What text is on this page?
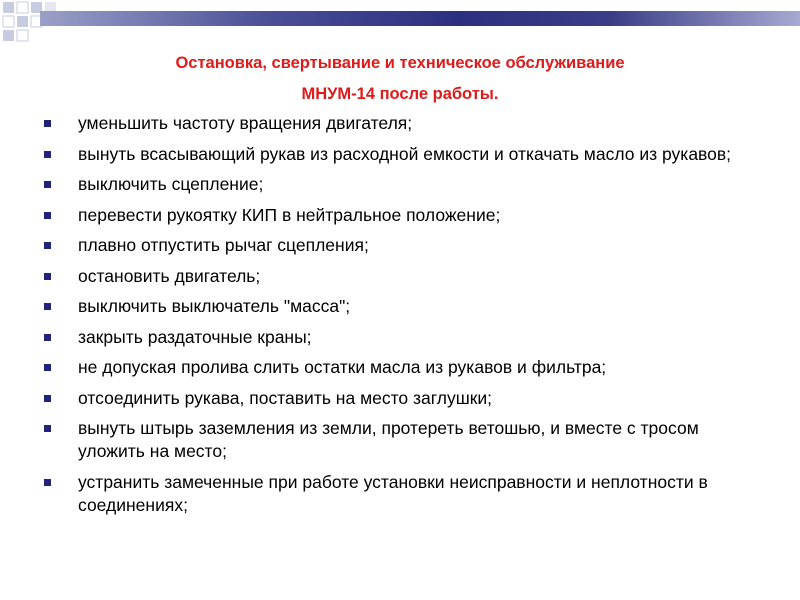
Остановка, свертывание и техническое обслуживание
МНУМ-14 после работы.
уменьшить частоту вращения двигателя;
вынуть всасывающий рукав из расходной емкости и откачать масло из рукавов;
выключить сцепление;
перевести рукоятку КИП в нейтральное положение;
плавно отпустить рычаг сцепления;
остановить двигатель;
выключить выключатель "масса";
закрыть раздаточные краны;
не допуская пролива слить остатки масла из рукавов и фильтра;
отсоединить рукава, поставить на место заглушки;
вынуть штырь заземления из земли, протереть ветошью, и вместе с тросом уложить на место;
устранить замеченные при работе установки неисправности и неплотности в соединениях;
